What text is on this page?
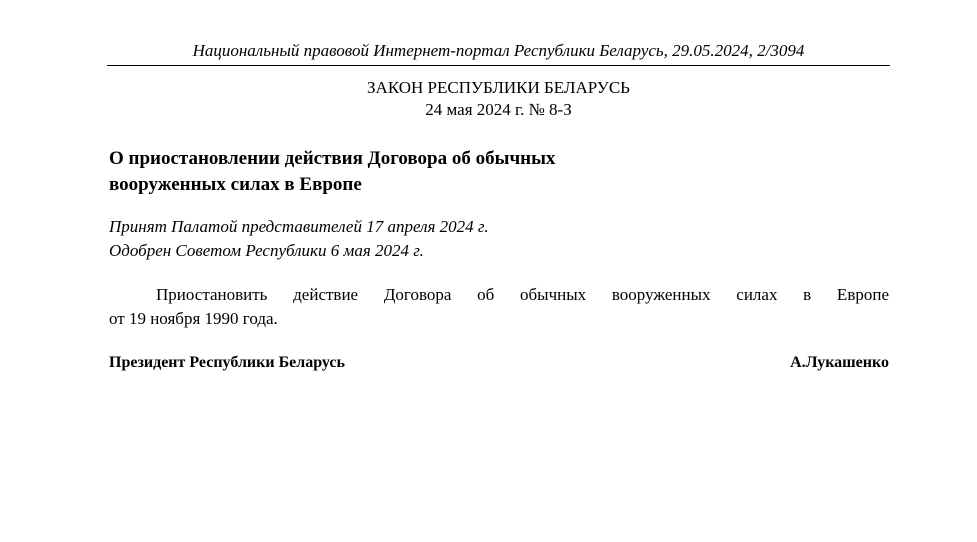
Национальный правовой Интернет-портал Республики Беларусь, 29.05.2024, 2/3094
ЗАКОН РЕСПУБЛИКИ БЕЛАРУСЬ
24 мая 2024 г. № 8-З
О приостановлении действия Договора об обычных
вооруженных силах в Европе
Принят Палатой представителей 17 апреля 2024 г.
Одобрен Советом Республики 6 мая 2024 г.
Приостановить действие Договора об обычных вооруженных силах в Европе
от 19 ноября 1990 года.
Президент Республики Беларусь	А.Лукашенко
